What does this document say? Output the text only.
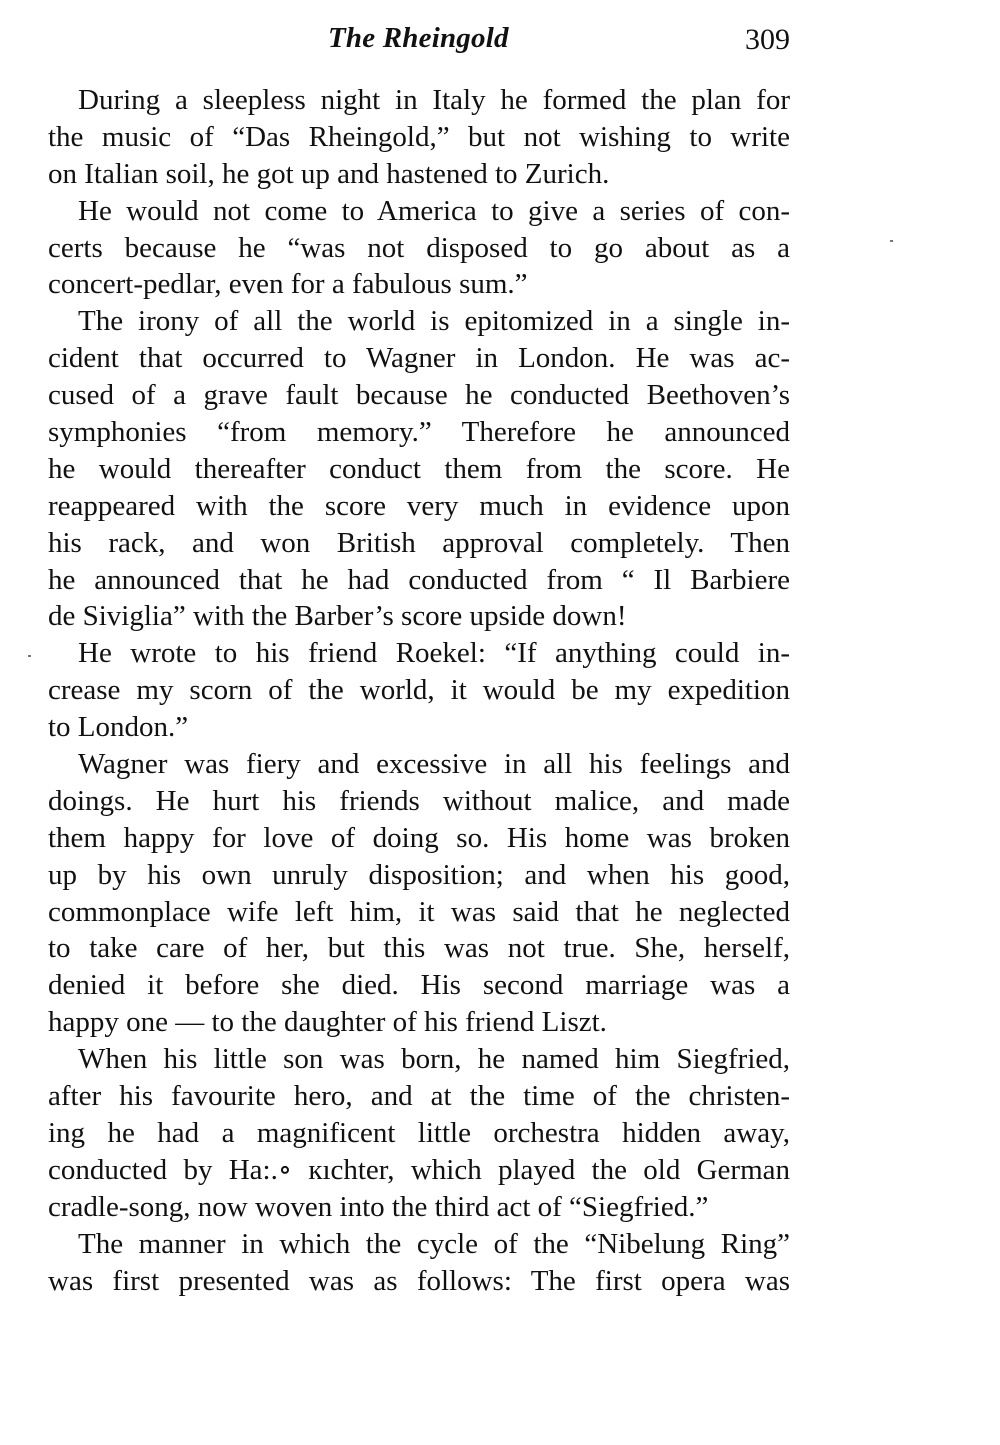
The Rheingold	309

During a sleepless night in Italy he formed the plan for
the music of “Das Rheingold,” but not wishing to write
on Italian soil, he got up and hastened to Zurich.

He would not come to America to give a series of con-
certs because he “was not disposed to go about as a
concert-pedlar, even for a fabulous sum.”

The irony of all the world is epitomized in a single in-
cident that occurred to Wagner in London. He was ac-
cused of a grave fault because he conducted Beethoven’s
symphonies “from memory.” Therefore he announced
he would thereafter conduct them from the score. He
reappeared with the score very much in evidence upon
his rack, and won British approval completely. Then
he announced that he had conducted from “ Il Barbiere
de Siviglia” with the Barber’s score upside down!

He wrote to his friend Roekel: “If anything could in-
crease my scorn of the world, it would be my expedition
to London.”

Wagner was fiery and excessive in all his feelings and
doings. He hurt his friends without malice, and made
them happy for love of doing so. His home was broken
up by his own unruly disposition; and when his good,
commonplace wife left him, it was said that he neglected
to take care of her, but this was not true. She, herself,
denied it before she died. His second marriage was a
happy one — to the daughter of his friend Liszt.

When his little son was born, he named him Siegfried,
after his favourite hero, and at the time of the christen-
ing he had a magnificent little orchestra hidden away,
conducted by Ha:.∘ кıchter, which played the old German
cradle-song, now woven into the third act of “Siegfried.”

The manner in which the cycle of the “Nibelung Ring”
was first presented was as follows: The first opera was
